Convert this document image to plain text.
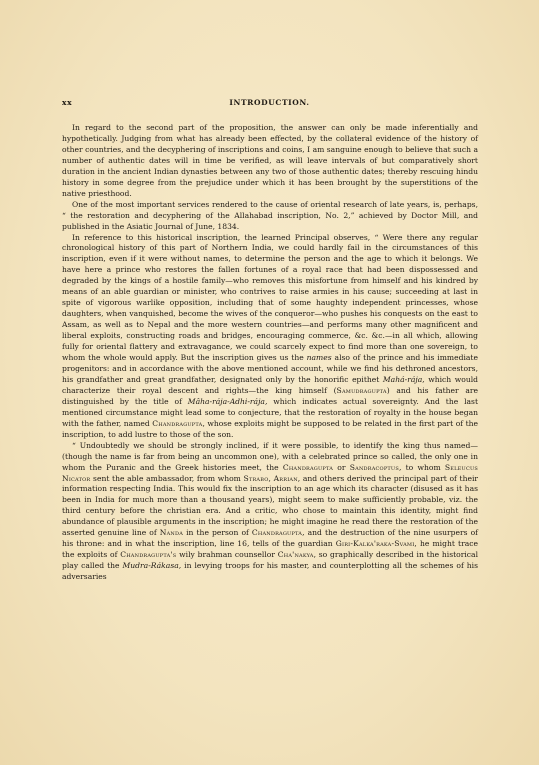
xx	INTRODUCTION.

In regard to the second part of the proposition, the answer can only be made inferentially and hypothetically. Judging from what has already been effected, by the collateral evidence of the history of other countries, and the decyphering of inscriptions and coins, I am sanguine enough to believe that such a number of authentic dates will in time be verified, as will leave intervals of but comparatively short duration in the ancient Indian dynasties between any two of those authentic dates; thereby rescuing hindu history in some degree from the prejudice under which it has been brought by the superstitions of the native priesthood.

One of the most important services rendered to the cause of oriental research of late years, is, perhaps, “ the restoration and decyphering of the Allahabad inscription, No. 2,” achieved by Doctor Mill, and published in the Asiatic Journal of June, 1834.

In reference to this historical inscription, the learned Principal observes, “ Were there any regular chronological history of this part of Northern India, we could hardly fail in the circumstances of this inscription, even if it were without names, to determine the person and the age to which it belongs. We have here a prince who restores the fallen fortunes of a royal race that had been dispossessed and degraded by the kings of a hostile family—who removes this misfortune from himself and his kindred by means of an able guardian or minister, who contrives to raise armies in his cause; succeeding at last in spite of vigorous warlike opposition, including that of some haughty independent princesses, whose daughters, when vanquished, become the wives of the conqueror—who pushes his conquests on the east to Assam, as well as to Nepal and the more western countries—and performs many other magnificent and liberal exploits, constructing roads and bridges, encouraging commerce, &c. &c.—in all which, allowing fully for oriental flattery and extravagance, we could scarcely expect to find more than one sovereign, to whom the whole would apply. But the inscription gives us the names also of the prince and his immediate progenitors: and in accordance with the above mentioned account, while we find his dethroned ancestors, his grandfather and great grandfather, designated only by the honorific epithet Mahá-rája, which would characterize their royal descent and rights—the king himself (Samudragupta) and his father are distinguished by the title of Mâha-rája-Adhi-rája, which indicates actual sovereignty. And the last mentioned circumstance might lead some to conjecture, that the restoration of royalty in the house began with the father, named Chandragupta, whose exploits might be supposed to be related in the first part of the inscription, to add lustre to those of the son.

“ Undoubtedly we should be strongly inclined, if it were possible, to identify the king thus named—(though the name is far from being an uncommon one), with a celebrated prince so called, the only one in whom the Puranic and the Greek histories meet, the Chandragupta or Sandracoptus, to whom Seleucus Nicator sent the able ambassador, from whom Strabo, Arrian, and others derived the principal part of their information respecting India. This would fix the inscription to an age which its character (disused as it has been in India for much more than a thousand years), might seem to make sufficiently probable, viz. the third century before the christian era. And a critic, who chose to maintain this identity, might find abundance of plausible arguments in the inscription; he might imagine he read there the restoration of the asserted genuine line of Nanda in the person of Chandragupta, and the destruction of the nine usurpers of his throne: and in what the inscription, line 16, tells of the guardian Giri-Kalka'raka-Svami, he might trace the exploits of Chandragupta's wily brahman counsellor Cha'nakya, so graphically described in the historical play called the Mudra-Rákasa, in levying troops for his master, and counterplotting all the schemes of his adversaries
